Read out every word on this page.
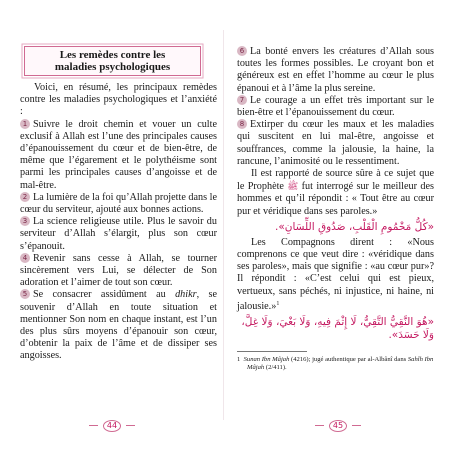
Les remèdes contre les
maladies psychologiques

Voici, en résumé, les principaux remèdes contre les maladies psychologiques et l’anxiété :

1 Suivre le droit chemin et vouer un culte exclusif à Allah est l’une des principales causes d’épanouissement du cœur et de bien-être, de même que l’égarement et le polythéisme sont parmi les principales causes d’angoisse et de mal-être.

2 La lumière de la foi qu’Allah projette dans le cœur du serviteur, ajouté aux bonnes actions.

3 La science religieuse utile. Plus le savoir du serviteur d’Allah s’élargit, plus son cœur s’épanouit.

4 Revenir sans cesse à Allah, se tourner sincèrement vers Lui, se délecter de Son adoration et l’aimer de tout son cœur.

5 Se consacrer assidûment au dhikr, se souvenir d’Allah en toute situation et mentionner Son nom en chaque instant, est l’un des plus sûrs moyens d’épanouir son cœur, d’obtenir la paix de l’âme et de dissiper ses angoisses.

6 La bonté envers les créatures d’Allah sous toutes les formes possibles. Le croyant bon et généreux est en effet l’homme au cœur le plus épanoui et à l’âme la plus sereine.

7 Le courage a un effet très important sur le bien-être et l’épanouissement du cœur.

8 Extirper du cœur les maux et les maladies qui suscitent en lui mal-être, angoisse et souffrances, comme la jalousie, la haine, la rancune, l’animosité ou le ressentiment.

Il est rapporté de source sûre à ce sujet que le Prophète ﷺ fut interrogé sur le meilleur des hommes et qu’il répondit : « Tout être au cœur pur et véridique dans ses paroles.»

«كُلُّ مَخْمُومِ الْقَلْبِ، صَدُوقِ اللِّسَانِ».

Les Compagnons dirent : «Nous comprenons ce que veut dire : «véridique dans ses paroles», mais que signifie : «au cœur pur»? Il répondit : «C’est celui qui est pieux, vertueux, sans péchés, ni injustice, ni haine, ni jalousie.»$^1$

«هُوَ النَّقِيُّ التَّقِيُّ، لَا إِثْمَ فِيهِ، وَلَا بَغْيَ، وَلَا غِلَّ، وَلَا حَسَدَ».

1 Sunan Ibn Mâjah (4216); jugé authentique par al-Albânî dans Sahîh Ibn Mâjah (2/411).

44	45
